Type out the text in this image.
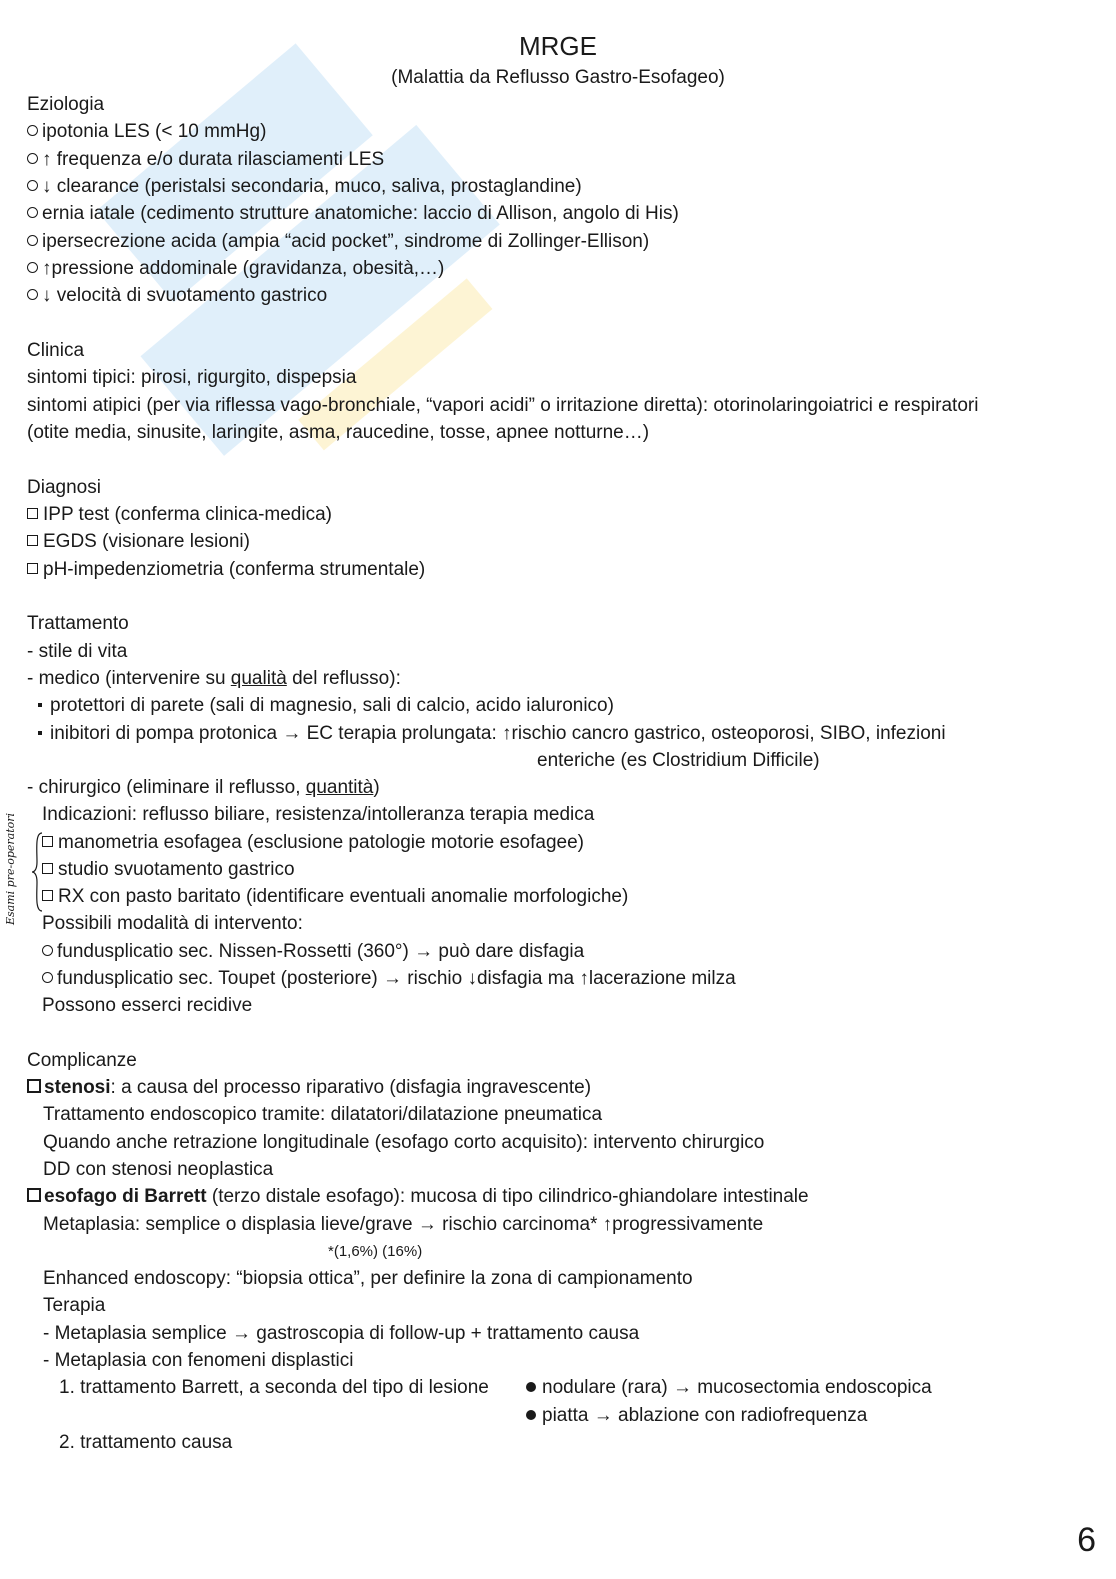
MRGE
(Malattia da Reflusso Gastro-Esofageo)
Eziologia
ipotonia LES (< 10 mmHg)
↑ frequenza e/o durata rilasciamenti LES
↓ clearance (peristalsi secondaria, muco, saliva, prostaglandine)
ernia iatale (cedimento strutture anatomiche: laccio di Allison, angolo di His)
ipersecrezione acida (ampia “acid pocket”, sindrome di Zollinger-Ellison)
↑pressione addominale (gravidanza, obesità,…)
↓ velocità di svuotamento gastrico
Clinica
sintomi tipici: pirosi, rigurgito, dispepsia
sintomi atipici (per via riflessa vago-bronchiale, “vapori acidi” o irritazione diretta): otorinolaringoiatrici e respiratori
(otite media, sinusite, laringite, asma, raucedine, tosse, apnee notturne…)
Diagnosi
IPP test (conferma clinica-medica)
EGDS (visionare lesioni)
pH-impedenziometria (conferma strumentale)
Trattamento
- stile di vita
- medico (intervenire su qualità del reflusso):
protettori di parete (sali di magnesio, sali di calcio, acido ialuronico)
inibitori di pompa protonica → EC terapia prolungata: ↑rischio cancro gastrico, osteoporosi, SIBO, infezioni
enteriche (es Clostridium Difficile)
- chirurgico (eliminare il reflusso, quantità)
Indicazioni: reflusso biliare, resistenza/intolleranza terapia medica
Esami pre-operatori	manometria esofagea (esclusione patologie motorie esofagee)
studio svuotamento gastrico
RX con pasto baritato (identificare eventuali anomalie morfologiche)
Possibili modalità di intervento:
fundusplicatio sec. Nissen-Rossetti (360°) → può dare disfagia
fundusplicatio sec. Toupet (posteriore) → rischio ↓disfagia ma ↑lacerazione milza
Possono esserci recidive
Complicanze
stenosi: a causa del processo riparativo (disfagia ingravescente)
Trattamento endoscopico tramite: dilatatori/dilatazione pneumatica
Quando anche retrazione longitudinale (esofago corto acquisito): intervento chirurgico
DD con stenosi neoplastica
esofago di Barrett (terzo distale esofago): mucosa di tipo cilindrico-ghiandolare intestinale
Metaplasia: semplice o displasia lieve/grave → rischio carcinoma* ↑progressivamente
*(1,6%) (16%)
Enhanced endoscopy: “biopsia ottica”, per definire la zona di campionamento
Terapia
- Metaplasia semplice → gastroscopia di follow-up + trattamento causa
- Metaplasia con fenomeni displastici
1. trattamento Barrett, a seconda del tipo di lesione	nodulare (rara) → mucosectomia endoscopica
piatta → ablazione con radiofrequenza
2. trattamento causa
6
